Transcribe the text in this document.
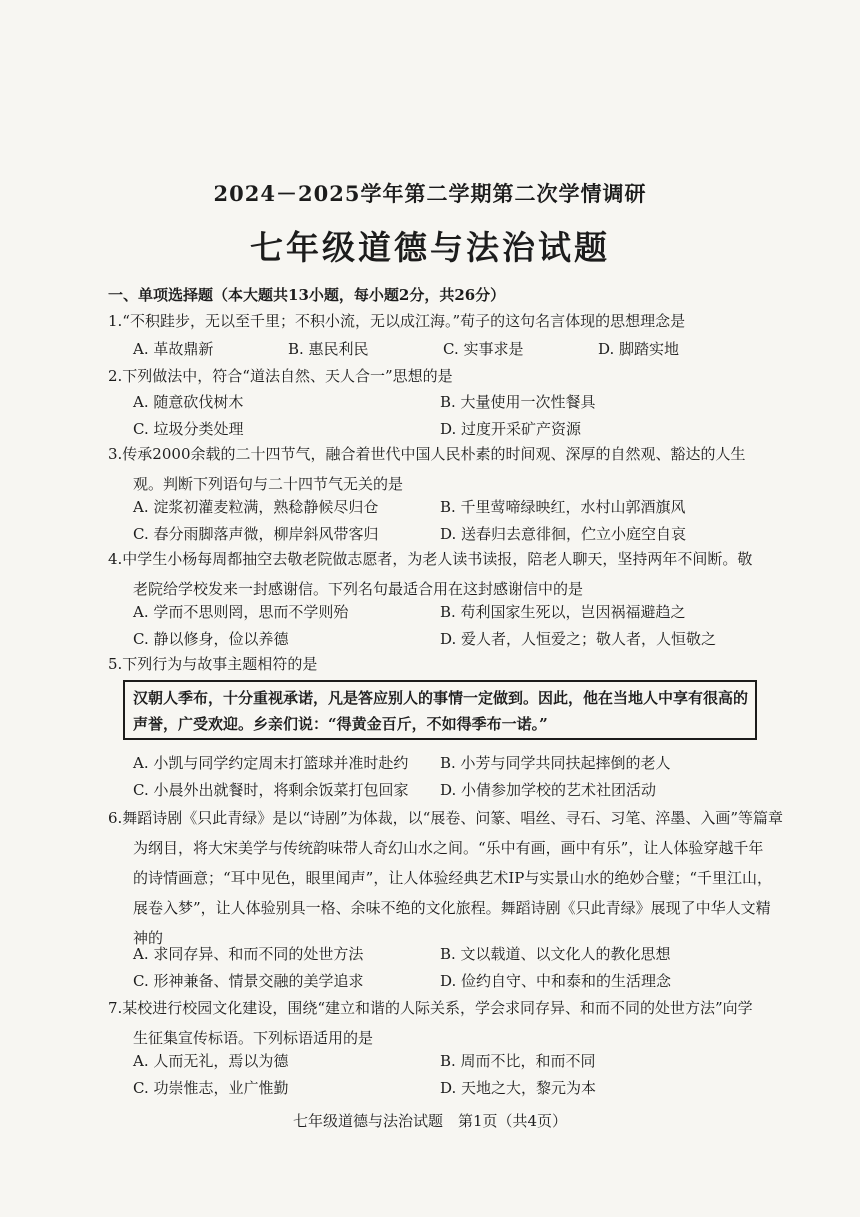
2024－2025学年第二学期第二次学情调研
七年级道德与法治试题
一、单项选择题（本大题共13小题，每小题2分，共26分）
1.“不积跬步，无以至千里；不积小流，无以成江海。”荀子的这句名言体现的思想理念是
A. 革故鼎新	B. 惠民利民	C. 实事求是	D. 脚踏实地
2.下列做法中，符合“道法自然、天人合一”思想的是
A. 随意砍伐树木	B. 大量使用一次性餐具
C. 垃圾分类处理	D. 过度开采矿产资源
3.传承2000余载的二十四节气，融合着世代中国人民朴素的时间观、深厚的自然观、豁达的人生
观。判断下列语句与二十四节气无关的是
A. 淀浆初灌麦粒满，熟稔静候尽归仓	B. 千里莺啼绿映红，水村山郭酒旗风
C. 春分雨脚落声微，柳岸斜风带客归	D. 送春归去意徘徊，伫立小庭空自哀
4.中学生小杨每周都抽空去敬老院做志愿者，为老人读书读报，陪老人聊天，坚持两年不间断。敬
老院给学校发来一封感谢信。下列名句最适合用在这封感谢信中的是
A. 学而不思则罔，思而不学则殆	B. 苟利国家生死以，岂因祸福避趋之
C. 静以修身，俭以养德	D. 爱人者，人恒爱之；敬人者，人恒敬之
5.下列行为与故事主题相符的是
汉朝人季布，十分重视承诺，凡是答应别人的事情一定做到。因此，他在当地人中享有很高的
声誉，广受欢迎。乡亲们说：“得黄金百斤，不如得季布一诺。”
A. 小凯与同学约定周末打篮球并准时赴约 B. 小芳与同学共同扶起摔倒的老人
C. 小晨外出就餐时，将剩余饭菜打包回家 D. 小倩参加学校的艺术社团活动
6.舞蹈诗剧《只此青绿》是以“诗剧”为体裁，以“展卷、问篆、唱丝、寻石、习笔、淬墨、入画”等篇章
为纲目，将大宋美学与传统韵味带人奇幻山水之间。“乐中有画，画中有乐”，让人体验穿越千年
的诗情画意；“耳中见色，眼里闻声”，让人体验经典艺术IP与实景山水的绝妙合璧；“千里江山，
展卷入梦”，让人体验别具一格、余味不绝的文化旅程。舞蹈诗剧《只此青绿》展现了中华人文精
神的
A. 求同存异、和而不同的处世方法	B. 文以载道、以文化人的教化思想
C. 形神兼备、情景交融的美学追求	D. 俭约自守、中和泰和的生活理念
7.某校进行校园文化建设，围绕“建立和谐的人际关系，学会求同存异、和而不同的处世方法”向学
生征集宣传标语。下列标语适用的是
A. 人而无礼，焉以为德	B. 周而不比，和而不同
C. 功崇惟志，业广惟勤	D. 天地之大，黎元为本
七年级道德与法治试题　第1页（共4页）
